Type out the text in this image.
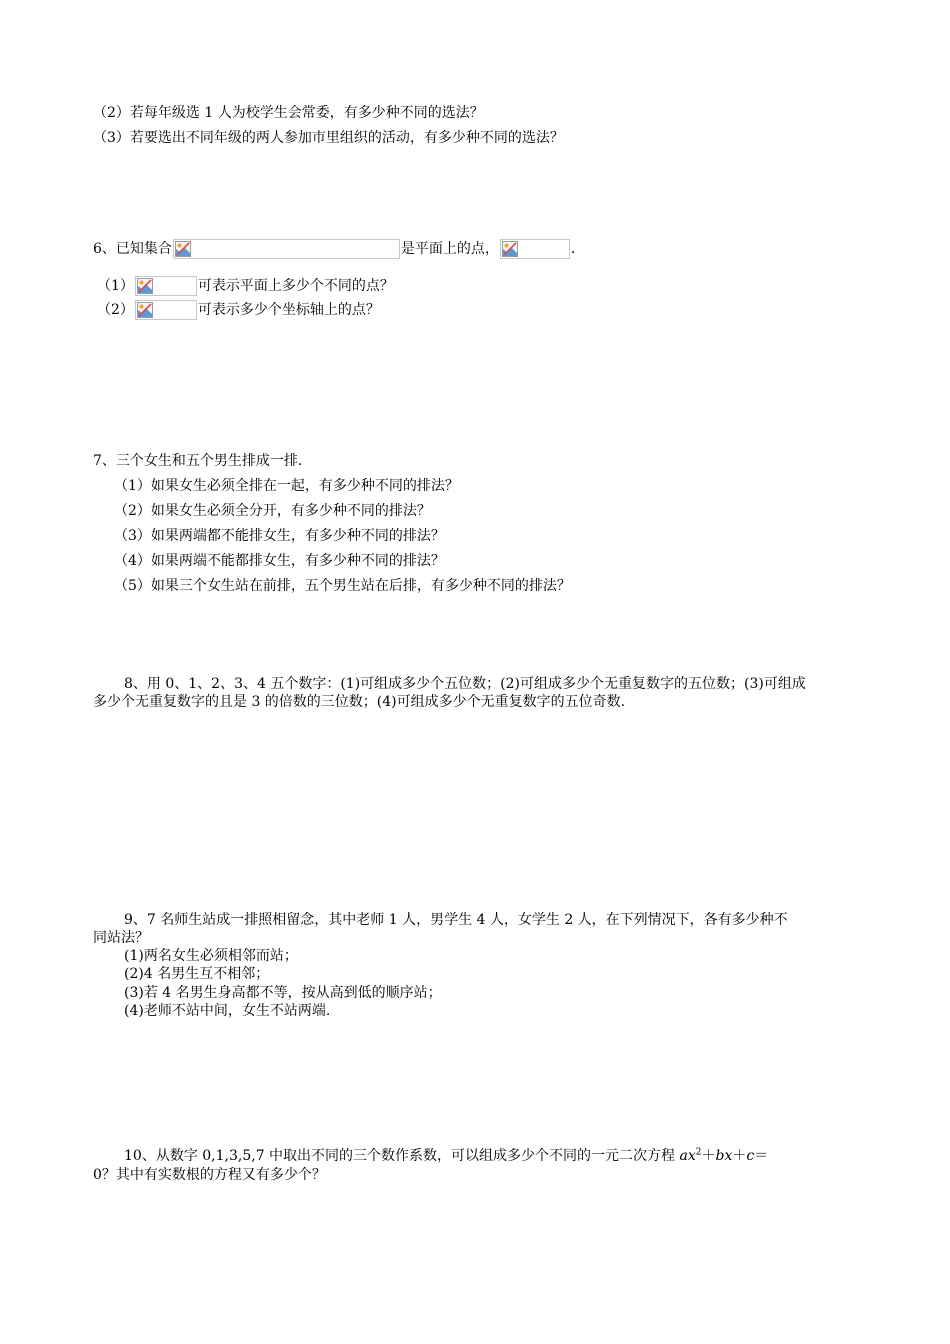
（2）若每年级选 1 人为校学生会常委，有多少种不同的选法？
（3）若要选出不同年级的两人参加市里组织的活动，有多少种不同的选法？
6、已知集合	是平面上的点，	.
（1）	可表示平面上多少个不同的点？
（2）	可表示多少个坐标轴上的点？
7、三个女生和五个男生排成一排.
（1）如果女生必须全排在一起，有多少种不同的排法？
（2）如果女生必须全分开，有多少种不同的排法？
（3）如果两端都不能排女生，有多少种不同的排法？
（4）如果两端不能都排女生，有多少种不同的排法？
（5）如果三个女生站在前排，五个男生站在后排，有多少种不同的排法？
8、用 0、1、2、3、4 五个数字：(1)可组成多少个五位数；(2)可组成多少个无重复数字的五位数；(3)可组成
多少个无重复数字的且是 3 的倍数的三位数；(4)可组成多少个无重复数字的五位奇数.
9、7 名师生站成一排照相留念，其中老师 1 人，男学生 4 人，女学生 2 人，在下列情况下，各有多少种不
同站法？
(1)两名女生必须相邻而站；
(2)4 名男生互不相邻；
(3)若 4 名男生身高都不等，按从高到低的顺序站；
(4)老师不站中间，女生不站两端.
10、从数字 0,1,3,5,7 中取出不同的三个数作系数，可以组成多少个不同的一元二次方程 $ax^2+bx+c=$
0？其中有实数根的方程又有多少个？
